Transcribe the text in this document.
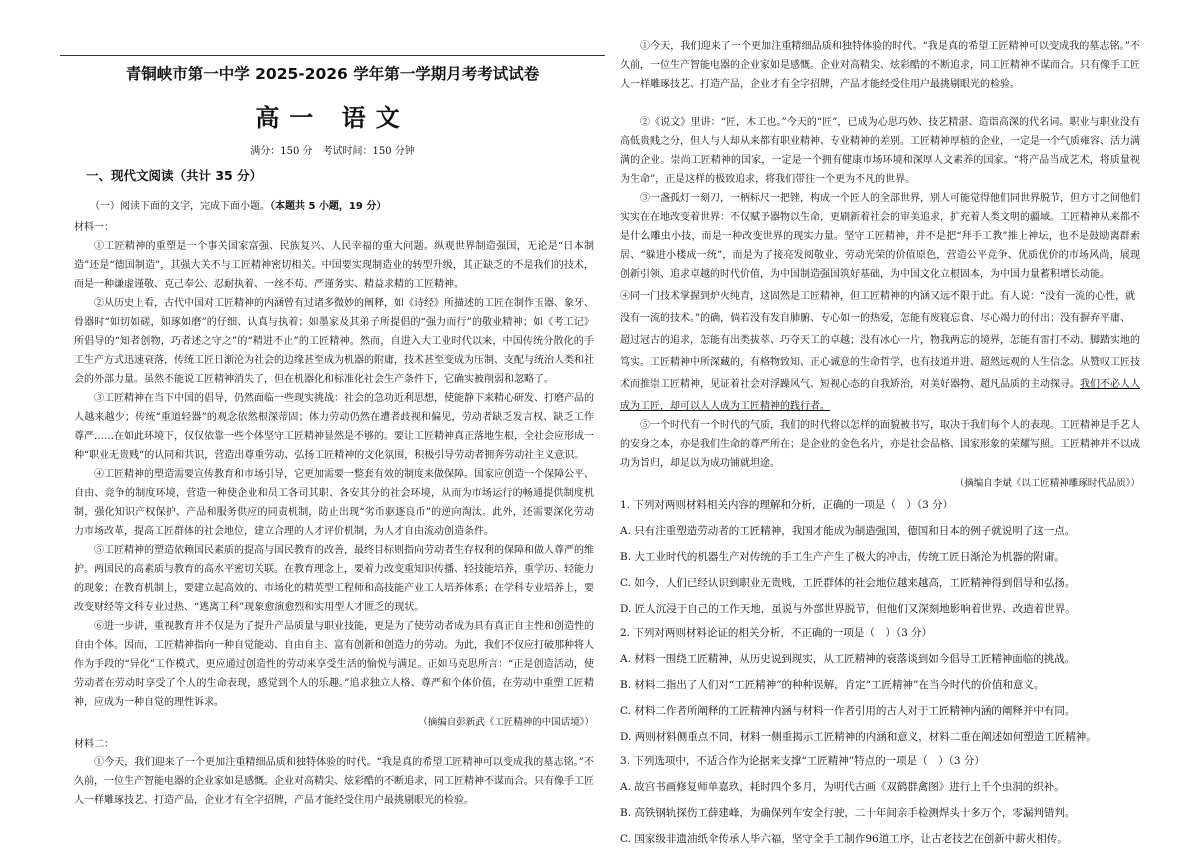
青铜峡市第一中学 2025-2026 学年第一学期月考考试试卷
高一 语文
满分：150 分　考试时间：150 分钟
一、现代文阅读（共计 35 分）
（一）阅读下面的文字，完成下面小题。（本题共 5 小题，19 分）
材料一：

①工匠精神的重塑是一个事关国家富强、民族复兴、人民幸福的重大问题。纵观世界制造强国，无论是“日本制造”还是“德国制造”，其强大关不与工匠精神密切相关。中国要实现制造业的转型升级，其正缺乏的不是我们的技术，而是一种谦虚谨敬、克己奉公、忍耐执着、一丝不苟、严谨务实、精益求精的工匠精神。

②从历史上看，古代中国对工匠精神的内涵曾有过诸多微妙的阐释，如《诗经》所描述的工匠在制作玉器、象牙、骨器时“如切如磋，如琢如磨”的仔细、认真与执着；如墨家及其弟子所提倡的“强力而行”的敬业精神；如《考工记》所倡导的“知者创物，巧者述之守之”的“精进不止”的工匠精神。然而，自进入大工业时代以来，中国传统分散化的手工生产方式迅速衰落，传统工匠日渐沦为社会的边缘甚至成为机器的附庸，技术甚至变成为压制、支配与统治人类和社会的外部力量。虽然不能说工匠精神消失了，但在机器化和标准化社会生产条件下，它确实被削弱和忽略了。

③工匠精神在当下中国的倡导，仍然面临一些现实挑战：社会的急功近利思想，使能静下来精心研发、打磨产品的人越来越少；传统“重道轻器”的观念依然根深蒂固；体力劳动仍然在遭者歧视和偏见，劳动者缺乏发言权、缺乏工作尊严……在如此环境下，仅仅依靠一些个体坚守工匠精神显然是不够的。要让工匠精神真正落地生根，全社会应形成一种“职业无贵贱”的认同和共识，营造出尊重劳动、弘扬工匠精神的文化氛围，积极引导劳动者拥奔劳动社主义意识。

④工匠精神的塑造需要宣传教育和市场引导，它更加需要一整套有效的制度来做保障。国家应创造一个保障公平、自由、竞争的制度环境，营造一种使企业和员工各司其职、各安其分的社会环境，从而为市场运行的畅通提供制度机制，强化知识产权保护、产品和服务供应的同责机制，防止出现“劣币驱逐良币”的逆向淘汰。此外，还需要深化劳动力市场改革，提高工匠群体的社会地位，建立合理的人才评价机制，为人才自由流动创造条件。

⑤工匠精神的塑造依赖国民素质的提高与国民教育的改善，最终目标则指向劳动者生存权利的保障和做人尊严的维护。两国民的高素质与教育的高水平密切关联。在教育理念上，要着力改变重知识传播、轻技能培养，重学历、轻能力的现象；在教育机制上，要建立起高效的、市场化的精英型工程师和高技能产业工人培养体系；在学科专业培养上，要改变财经等文科专业过热、“逃离工科”现象愈演愈烈和实用型人才匮乏的现状。

⑥进一步讲，重视教育并不仅是为了提升产品质量与职业技能，更是为了使劳动者成为具有真正自主性和创造性的自由个体。因而，工匠精神指向一种自觉能动、自由自主、富有创新和创造力的劳动。为此，我们不仅应打破那种将人作为手段的“异化”工作模式，更应通过创造性的劳动来享受生活的愉悦与满足。正如马克思所言：“正是创造活动，使劳动者在劳动时享受了个人的生命表现，感觉到个人的乐趣。”追求独立人格、尊严和个体价值，在劳动中重塑工匠精神，应成为一种自觉的理性诉求。

（摘编自彭新武《工匠精神的中国话境》）
材料二：

①今天，我们迎来了一个更加注重精细品质和独特体验的时代。“我是真的希望工匠精神可以变成我的墓志铭。”不久前，一位生产智能电器的企业家如是感慨。企业对高精尖、炫彩酷的不断追求，同工匠精神不谋而合。只有像手工匠人一样雕琢技艺、打造产品，企业才有全字招牌，产品才能经受住用户最挑剔眼光的检验。

①今天，我们迎来了一个更加注重精细品质和独特体验的时代。“我是真的希望工匠精神可以变成我的墓志铭。”不久前，一位生产智能电器的企业家如是感慨。企业对高精尖、炫彩酷的不断追求，同工匠精神不谋而合。只有像手工匠人一样雕琢技艺、打造产品，企业才有全字招牌，产品才能经受住用户最挑剔眼光的检验。

②《说文》里讲：“匠，木工也。”今天的“匠”，已成为心思巧妙、技艺精湛、造诣高深的代名词。职业与职业没有高低贵贱之分，但人与人却从来都有职业精神、专业精神的差别。工匠精神厚植的企业，一定是一个气质雍容、活力满满的企业。崇尚工匠精神的国家，一定是一个拥有健康市场环境和深厚人文素养的国家。“将产品当成艺术，将质量视为生命”，正是这样的极致追求，将我们带往一个更为不凡的世界。

③一盏孤灯一刻刀，一柄标尺一把锉，构成一个匠人的全部世界，别人可能觉得他们同世界脱节，但方寸之间他们实实在在地改变着世界：不仅赋予器物以生命，更刷新着社会的审美追求，扩充着人类文明的疆域。工匠精神从来都不是什么雕虫小技，而是一种改变世界的现实力量。坚守工匠精神，并不是把“拜手工教”推上神坛，也不是鼓励离群索居、“躲进小楼成一统”，而是为了接亮发阅敬业、劳动光荣的价值原色，营造公平竞争、优质优价的市场风尚，展现创新引领、追求卓越的时代价值，为中国制造强国筑好基础，为中国文化立根固本，为中国力量蓄积增长动能。

④同一门技术掌握到炉火纯青，这固然是工匠精神，但工匠精神的内涵又远不限于此。有人说：“没有一流的心性，就没有一流的技术。”的确，倘若没有发自肺腑、专心如一的热爱，怎能有废寝忘食、尽心竭力的付出；没有摒弃平庸、超过冠古的追求，怎能有出类拔萃、巧夺天工的卓越；没有冰心一片，物我两忘的境界，怎能有雷打不动、脚踏实地的笃实。工匠精神中所深藏的，有格物致知、正心诚意的生命哲学，也有技道并进、超然远观的人生信念。从赞叹工匠技术而推崇工匠精神，见证着社会对浮躁风气、短视心态的自我矫治，对美好器物、超凡品质的主动探寻。

我们不必人人成为工匠，却可以人人成为工匠精神的践行者。

⑤一个时代有一个时代的气质，我们的时代将以怎样的面貌被书写，取决于我们每个人的表现。工匠精神是手艺人的安身之本，亦是我们生命的尊严所在；是企业的金色名片，亦是社会品格、国家形象的荣耀写照。工匠精神并不以成功为旨归，却足以为成功铺就坦途。

（摘编自李斌《以工匠精神雕琢时代品质》）

1. 下列对两则材料相关内容的理解和分析，正确的一项是（　）（3 分）

A. 只有注重塑造劳动者的工匠精神，我国才能成为制造强国，德国和日本的例子就说明了这一点。

B. 大工业时代的机器生产对传统的手工生产产生了极大的冲击，传统工匠日渐沦为机器的附庸。

C. 如今，人们已经认识到职业无贵贱，工匠群体的社会地位越来越高，工匠精神得到倡导和弘扬。

D. 匠人沉浸于自己的工作天地，虽说与外部世界脱节，但他们又深刻地影响着世界、改造着世界。

2. 下列对两则材料论证的相关分析，不正确的一项是（　）（3 分）

A. 材料一围绕工匠精神，从历史说到现实，从工匠精神的衰落谈到如今倡导工匠精神面临的挑战。

B. 材料二指出了人们对“工匠精神”的种种误解，肯定“工匠精神”在当今时代的价值和意义。

C. 材料二作者所阐释的工匠精神内涵与材料一作者引用的古人对于工匠精神内涵的阐释并中有同。

D. 两则材料侧重点不同，材料一侧重揭示工匠精神的内涵和意义，材料二重在阐述如何塑造工匠精神。

3. 下列选项中，不适合作为论据来支撑“工匠精神”特点的一项是（　）（3 分）

A. 故宫书画修复师单嘉玖，耗时四个多月，为明代古画《双鹤群禽图》进行上千个虫洞的织补。

B. 高铁钢轨探伤工薛建峰，为确保列车安全行驶，二十年间亲手检测焊头十多万个，零漏判错判。

C. 国家级非遗油纸伞传承人毕六福，坚守全手工制作96道工序，让古老技艺在创新中薪火相传。
